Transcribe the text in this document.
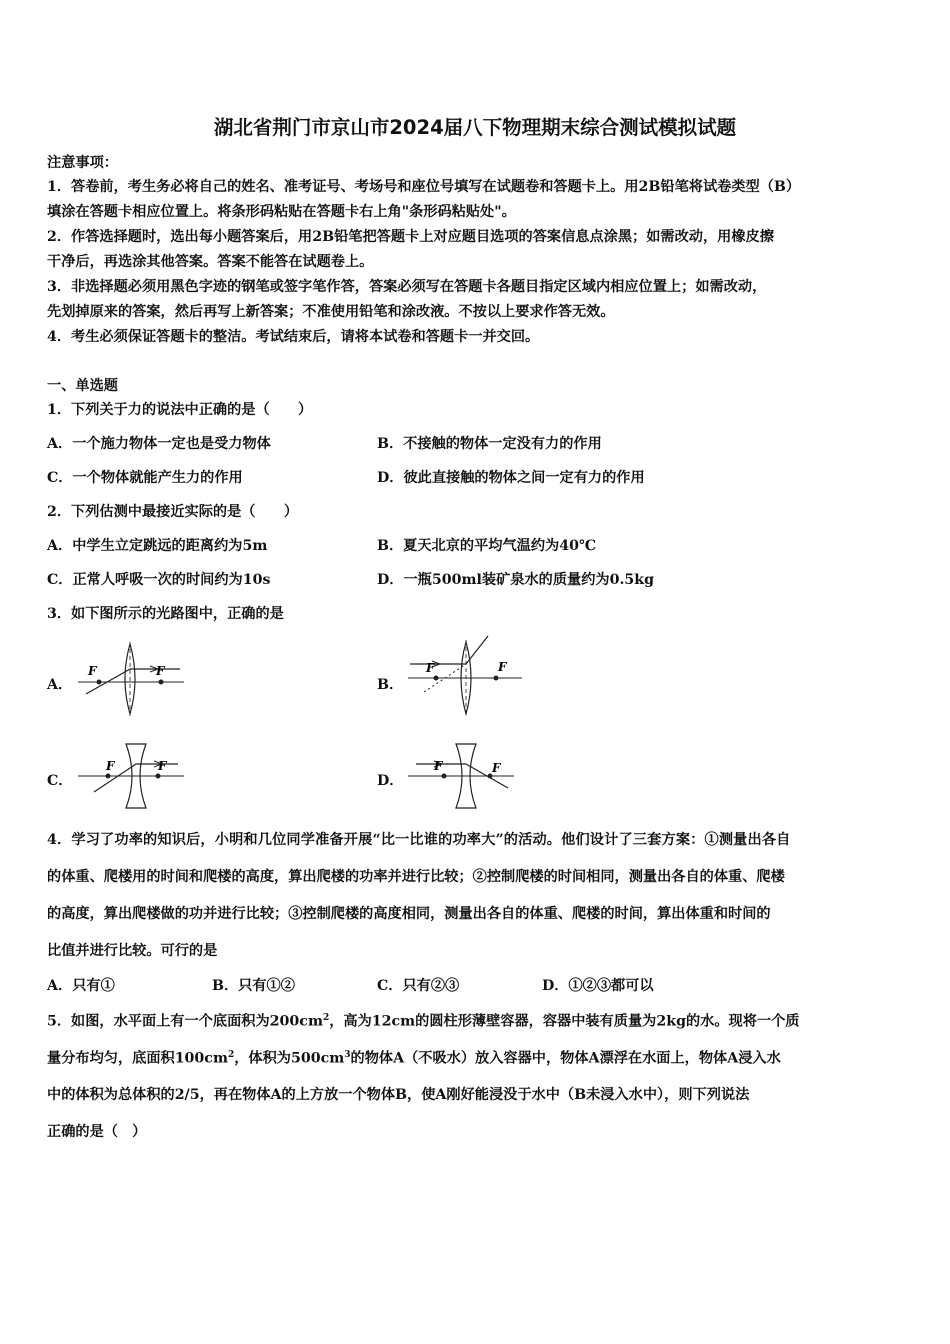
湖北省荆门市京山市2024届八下物理期末综合测试模拟试题
注意事项：
1．答卷前，考生务必将自己的姓名、准考证号、考场号和座位号填写在试题卷和答题卡上。用2B铅笔将试卷类型（B）
填涂在答题卡相应位置上。将条形码粘贴在答题卡右上角"条形码粘贴处"。
2．作答选择题时，选出每小题答案后，用2B铅笔把答题卡上对应题目选项的答案信息点涂黑；如需改动，用橡皮擦
干净后，再选涂其他答案。答案不能答在试题卷上。
3．非选择题必须用黑色字迹的钢笔或签字笔作答，答案必须写在答题卡各题目指定区域内相应位置上；如需改动，
先划掉原来的答案，然后再写上新答案；不准使用铅笔和涂改液。不按以上要求作答无效。
4．考生必须保证答题卡的整洁。考试结束后，请将本试卷和答题卡一并交回。
一、单选题
1．下列关于力的说法中正确的是（　　）
A．一个施力物体一定也是受力物体	B．不接触的物体一定没有力的作用
C．一个物体就能产生力的作用	D．彼此直接触的物体之间一定有力的作用
2．下列估测中最接近实际的是（　　）
A．中学生立定跳远的距离约为5m	B．夏天北京的平均气温约为40℃
C．正常人呼吸一次的时间约为10s	D．一瓶500ml装矿泉水的质量约为0.5kg
3．如下图所示的光路图中，正确的是
A．
F	F
B．
F	F
C．
F	F
D．
F	F
4．学习了功率的知识后，小明和几位同学准备开展“比一比谁的功率大”的活动。他们设计了三套方案：①测量出各自
的体重、爬楼用的时间和爬楼的高度，算出爬楼的功率并进行比较；②控制爬楼的时间相同，测量出各自的体重、爬楼
的高度，算出爬楼做的功并进行比较；③控制爬楼的高度相同，测量出各自的体重、爬楼的时间，算出体重和时间的
比值并进行比较。可行的是
A．只有①	B．只有①②	C．只有②③	D．①②③都可以
5．如图，水平面上有一个底面积为$200cm^2$，高为12cm的圆柱形薄壁容器，容器中装有质量为2kg的水。现将一个质
量分布均匀，底面积$100cm^2$，体积为$500cm^3$的物体A（不吸水）放入容器中，物体A漂浮在水面上，物体A浸入水
中的体积为总体积的2/5，再在物体A的上方放一个物体B，使A刚好能浸没于水中（B未浸入水中），则下列说法
正确的是（　）
